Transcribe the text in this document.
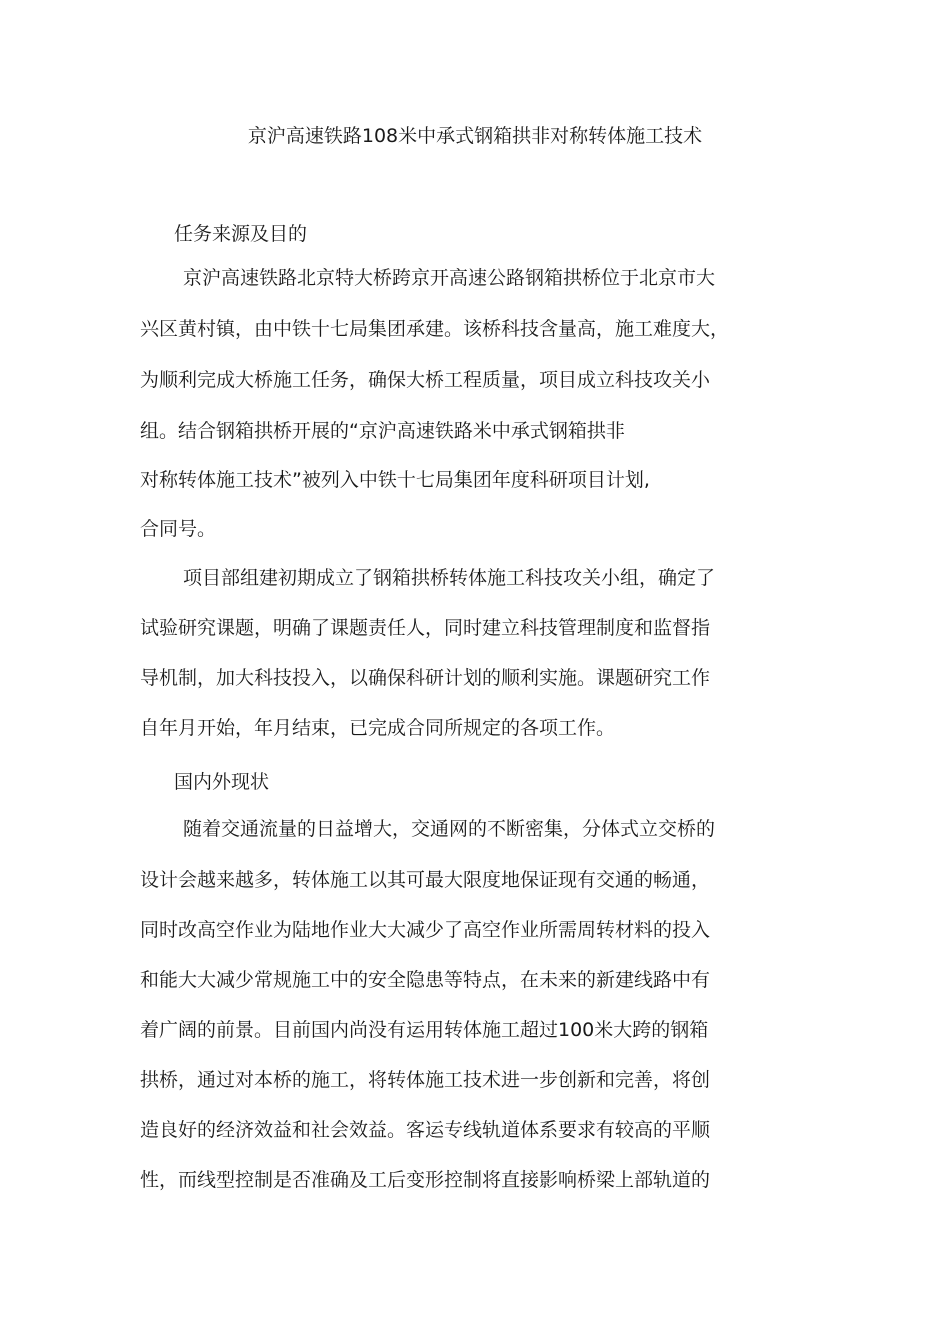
京沪高速铁路108米中承式钢箱拱非对称转体施工技术
任务来源及目的
京沪高速铁路北京特大桥跨京开高速公路钢箱拱桥位于北京市大
兴区黄村镇，由中铁十七局集团承建。该桥科技含量高，施工难度大，
为顺利完成大桥施工任务，确保大桥工程质量，项目成立科技攻关小
组。结合钢箱拱桥开展的“京沪高速铁路米中承式钢箱拱非
对称转体施工技术”被列入中铁十七局集团年度科研项目计划,
合同号。
项目部组建初期成立了钢箱拱桥转体施工科技攻关小组，确定了
试验研究课题，明确了课题责任人，同时建立科技管理制度和监督指
导机制，加大科技投入，以确保科研计划的顺利实施。课题研究工作
自年月开始，年月结束，已完成合同所规定的各项工作。
国内外现状
随着交通流量的日益增大，交通网的不断密集，分体式立交桥的
设计会越来越多，转体施工以其可最大限度地保证现有交通的畅通，
同时改高空作业为陆地作业大大减少了高空作业所需周转材料的投入
和能大大减少常规施工中的安全隐患等特点，在未来的新建线路中有
着广阔的前景。目前国内尚没有运用转体施工超过100米大跨的钢箱
拱桥，通过对本桥的施工，将转体施工技术进一步创新和完善，将创
造良好的经济效益和社会效益。客运专线轨道体系要求有较高的平顺
性，而线型控制是否准确及工后变形控制将直接影响桥梁上部轨道的
